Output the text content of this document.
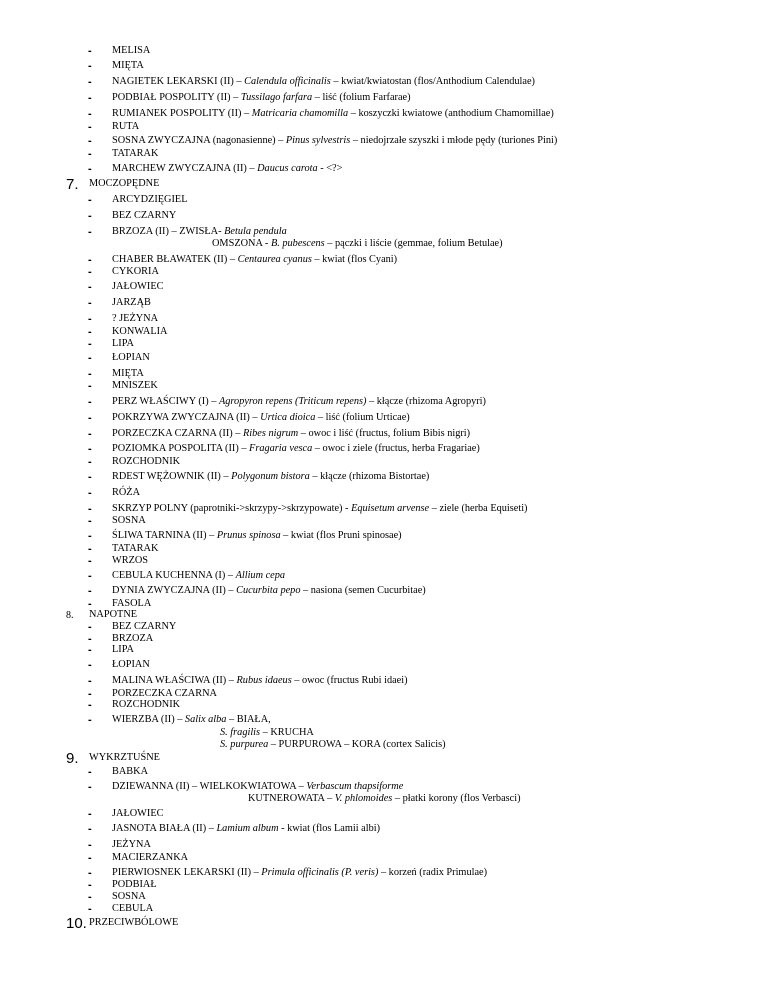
- MELISA
- MIĘTA
- NAGIETEK LEKARSKI (II) – Calendula officinalis – kwiat/kwiatostan (flos/Anthodium Calendulae)
- PODBIAŁ POSPOLITY (II) – Tussilago farfara – liść (folium Farfarae)
- RUMIANEK POSPOLITY (II) – Matricaria chamomilla – koszyczki kwiatowe (anthodium Chamomillae)
- RUTA
- SOSNA ZWYCZAJNA (nagonasienne) – Pinus sylvestris – niedojrzałe szyszki i młode pędy (turiones Pini)
- TATARAK
- MARCHEW ZWYCZAJNA (II) – Daucus carota - <?>
7. MOCZOPĘDNE
- ARCYDZIĘGIEL
- BEZ CZARNY
- BRZOZA (II) – ZWISŁA- Betula pendula
OMSZONA - B. pubescens – pączki i liście (gemmae, folium Betulae)
- CHABER BŁAWATEK (II) – Centaurea cyanus – kwiat (flos Cyani)
- CYKORIA
- JAŁOWIEC
- JARZĄB
- ? JEŻYNA
- KONWALIA
- LIPA
- ŁOPIAN
- MIĘTA
- MNISZEK
- PERZ WŁAŚCIWY (I) – Agropyron repens (Triticum repens) – kłącze (rhizoma Agropyri)
- POKRZYWA ZWYCZAJNA (II) – Urtica dioica – liść (folium Urticae)
- PORZECZKA CZARNA (II) – Ribes nigrum – owoc i liść (fructus, folium Bibis nigri)
- POZIOMKA POSPOLITA (II) – Fragaria vesca – owoc i ziele (fructus, herba Fragariae)
- ROZCHODNIK
- RDEST WĘŻOWNIK (II) – Polygonum bistora – kłącze (rhizoma Bistortae)
- RÓŻA
- SKRZYP POLNY (paprotniki->skrzypy->skrzypowate) - Equisetum arvense – ziele (herba Equiseti)
- SOSNA
- ŚLIWA TARNINA (II) – Prunus spinosa – kwiat (flos Pruni spinosae)
- TATARAK
- WRZOS
- CEBULA KUCHENNA (I) – Allium cepa
- DYNIA ZWYCZAJNA (II) – Cucurbita pepo – nasiona (semen Cucurbitae)
- FASOLA
8. NAPOTNE
- BEZ CZARNY
- BRZOZA
- LIPA
- ŁOPIAN
- MALINA WŁAŚCIWA (II) – Rubus idaeus – owoc (fructus Rubi idaei)
- PORZECZKA CZARNA
- ROZCHODNIK
- WIERZBA (II) – Salix alba – BIAŁA,
S. fragilis – KRUCHA
S. purpurea – PURPUROWA – KORA (cortex Salicis)
9. WYKRZTUŚNE
- BABKA
- DZIEWANNA (II) – WIELKOKWIATOWA – Verbascum thapsiforme
KUTNEROWATA – V. phlomoides – płatki korony (flos Verbasci)
- JAŁOWIEC
- JASNOTA BIAŁA (II) – Lamium album - kwiat (flos Lamii albi)
- JEŻYNA
- MACIERZANKA
- PIERWIOSNEK LEKARSKI (II) – Primula officinalis (P. veris) – korzeń (radix Primulae)
- PODBIAŁ
- SOSNA
- CEBULA
10. PRZECIWBÓLOWE
